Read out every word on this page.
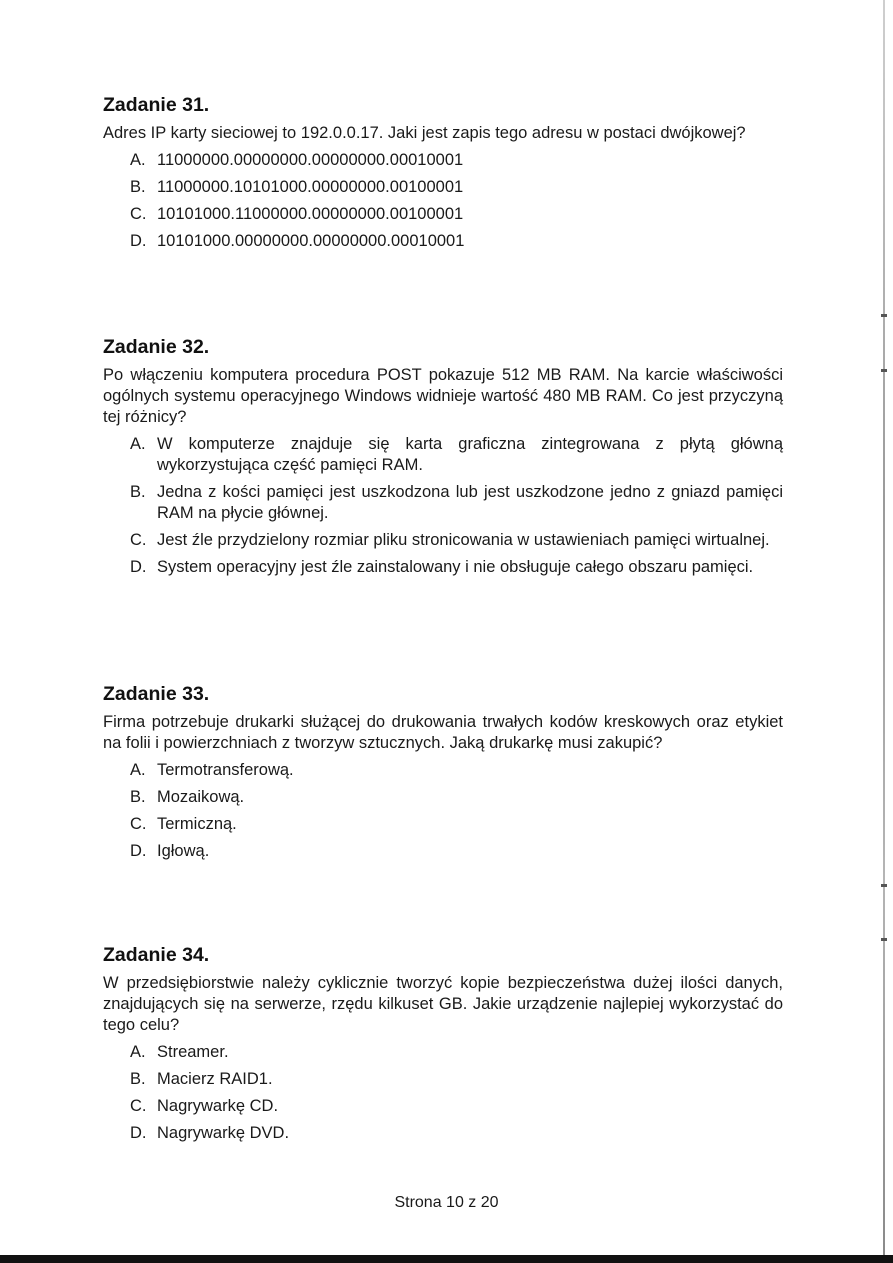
Zadanie 31.

Adres IP karty sieciowej to 192.0.0.17. Jaki jest zapis tego adresu w postaci dwójkowej?

A. 11000000.00000000.00000000.00010001
B. 11000000.10101000.00000000.00100001
C. 10101000.11000000.00000000.00100001
D. 10101000.00000000.00000000.00010001
Zadanie 32.

Po włączeniu komputera procedura POST pokazuje 512 MB RAM. Na karcie właściwości ogólnych systemu operacyjnego Windows widnieje wartość 480 MB RAM. Co jest przyczyną tej różnicy?

A. W komputerze znajduje się karta graficzna zintegrowana z płytą główną wykorzystująca część pamięci RAM.
B. Jedna z kości pamięci jest uszkodzona lub jest uszkodzone jedno z gniazd pamięci RAM na płycie głównej.
C. Jest źle przydzielony rozmiar pliku stronicowania w ustawieniach pamięci wirtualnej.
D. System operacyjny jest źle zainstalowany i nie obsługuje całego obszaru pamięci.
Zadanie 33.

Firma potrzebuje drukarki służącej do drukowania trwałych kodów kreskowych oraz etykiet na folii i powierzchniach z tworzyw sztucznych. Jaką drukarkę musi zakupić?

A. Termotransferową.
B. Mozaikową.
C. Termiczną.
D. Igłową.
Zadanie 34.

W przedsiębiorstwie należy cyklicznie tworzyć kopie bezpieczeństwa dużej ilości danych, znajdujących się na serwerze, rzędu kilkuset GB. Jakie urządzenie najlepiej wykorzystać do tego celu?

A. Streamer.
B. Macierz RAID1.
C. Nagrywarkę CD.
D. Nagrywarkę DVD.
Strona 10 z 20
